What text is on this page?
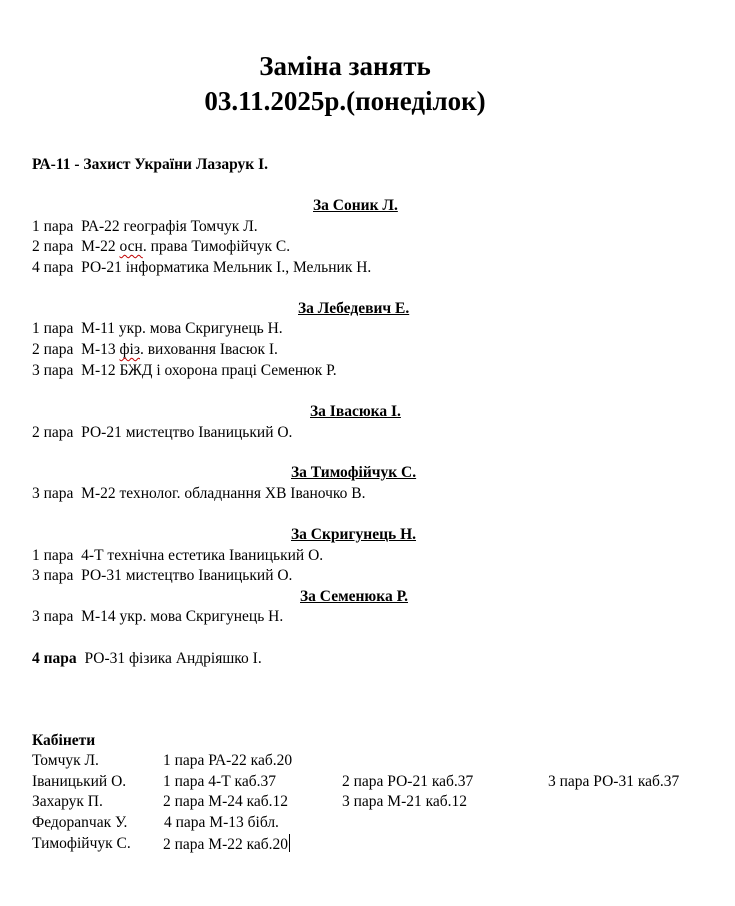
Заміна занять
03.11.2025р.(понеділок)
РА-11 - Захист України Лазарук І.
За Соник Л.
1 пара  РА-22 географія Томчук Л.
2 пара  М-22 осн. права Тимофійчук С.
4 пара  РО-21 інформатика Мельник І., Мельник Н.
За Лебедевич Е.
1 пара  М-11 укр. мова Скригунець Н.
2 пара  М-13 фіз. виховання Івасюк І.
3 пара  М-12 БЖД і охорона праці Семенюк Р.
За Івасюка І.
2 пара  РО-21 мистецтво Іваницький О.
За Тимофійчук С.
3 пара  М-22 технолог. обладнання ХВ Іваночко В.
За Скригунець Н.
1 пара  4-Т технічна естетика Іваницький О.
3 пара  РО-31 мистецтво Іваницький О.
За Семенюка Р.
3 пара  М-14 укр. мова Скригунець Н.
4 пара  РО-31 фізика Андріяшко І.
Кабінети
Томчук Л.	1 пара РА-22 каб.20
Іваницький О. 1 пара 4-Т каб.37	2 пара РО-21 каб.37	3 пара РО-31 каб.37
Захарук П.	2 пара М-24 каб.12	3 пара М-21 каб.12
Федорanчак У. 4 пара М-13 бібл.
Тимофійчук С. 2 пара М-22 каб.20
